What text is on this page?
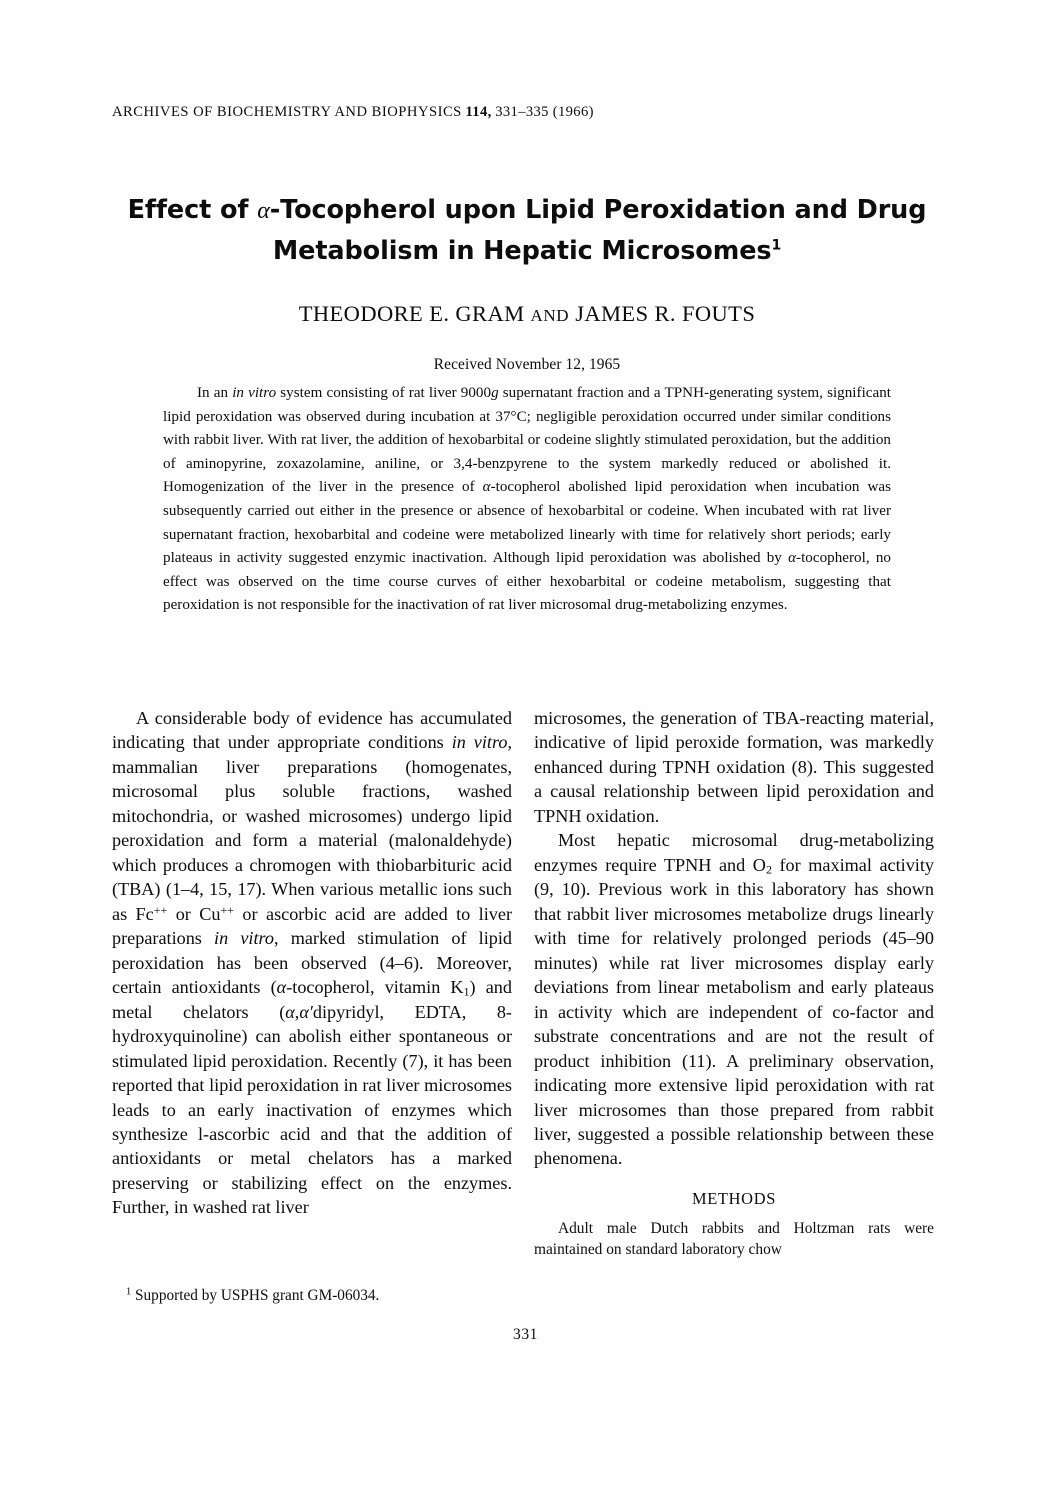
ARCHIVES OF BIOCHEMISTRY AND BIOPHYSICS 114, 331–335 (1966)
Effect of α-Tocopherol upon Lipid Peroxidation and Drug
Metabolism in Hepatic Microsomes$^1$
THEODORE E. GRAM AND JAMES R. FOUTS
Received November 12, 1965
In an in vitro system consisting of rat liver 9000g supernatant fraction and a TPNH-generating system, significant lipid peroxidation was observed during incubation at 37°C; negligible peroxidation occurred under similar conditions with rabbit liver. With rat liver, the addition of hexobarbital or codeine slightly stimulated peroxidation, but the addition of aminopyrine, zoxazolamine, aniline, or 3,4-benzpyrene to the system markedly reduced or abolished it. Homogenization of the liver in the presence of α-tocopherol abolished lipid peroxidation when incubation was subsequently carried out either in the presence or absence of hexobarbital or codeine. When incubated with rat liver supernatant fraction, hexobarbital and codeine were metabolized linearly with time for relatively short periods; early plateaus in activity suggested enzymic inactivation. Although lipid peroxidation was abolished by α-tocopherol, no effect was observed on the time course curves of either hexobarbital or codeine metabolism, suggesting that peroxidation is not responsible for the inactivation of rat liver microsomal drug-metabolizing enzymes.

A considerable body of evidence has accumulated indicating that under appropriate conditions in vitro, mammalian liver preparations (homogenates, microsomal plus soluble fractions, washed mitochondria, or washed microsomes) undergo lipid peroxidation and form a material (malonaldehyde) which produces a chromogen with thiobarbituric acid (TBA) (1–4, 15, 17). When various metallic ions such as Fc++ or Cu++ or ascorbic acid are added to liver preparations in vitro, marked stimulation of lipid peroxidation has been observed (4–6). Moreover, certain antioxidants (α-tocopherol, vitamin $K_1$) and metal chelators (α,α′dipyridyl, EDTA, 8-hydroxyquinoline) can abolish either spontaneous or stimulated lipid peroxidation. Recently (7), it has been reported that lipid peroxidation in rat liver microsomes leads to an early inactivation of enzymes which synthesize l-ascorbic acid and that the addition of antioxidants or metal chelators has a marked preserving or stabilizing effect on the enzymes. Further, in washed rat liver

microsomes, the generation of TBA-reacting material, indicative of lipid peroxide formation, was markedly enhanced during TPNH oxidation (8). This suggested a causal relationship between lipid peroxidation and TPNH oxidation.

Most hepatic microsomal drug-metabolizing enzymes require TPNH and $O_2$ for maximal activity (9, 10). Previous work in this laboratory has shown that rabbit liver microsomes metabolize drugs linearly with time for relatively prolonged periods (45–90 minutes) while rat liver microsomes display early deviations from linear metabolism and early plateaus in activity which are independent of co-factor and substrate concentrations and are not the result of product inhibition (11). A preliminary observation, indicating more extensive lipid peroxidation with rat liver microsomes than those prepared from rabbit liver, suggested a possible relationship between these phenomena.

METHODS

Adult male Dutch rabbits and Holtzman rats were maintained on standard laboratory chow

$^1$ Supported by USPHS grant GM-06034.
331
